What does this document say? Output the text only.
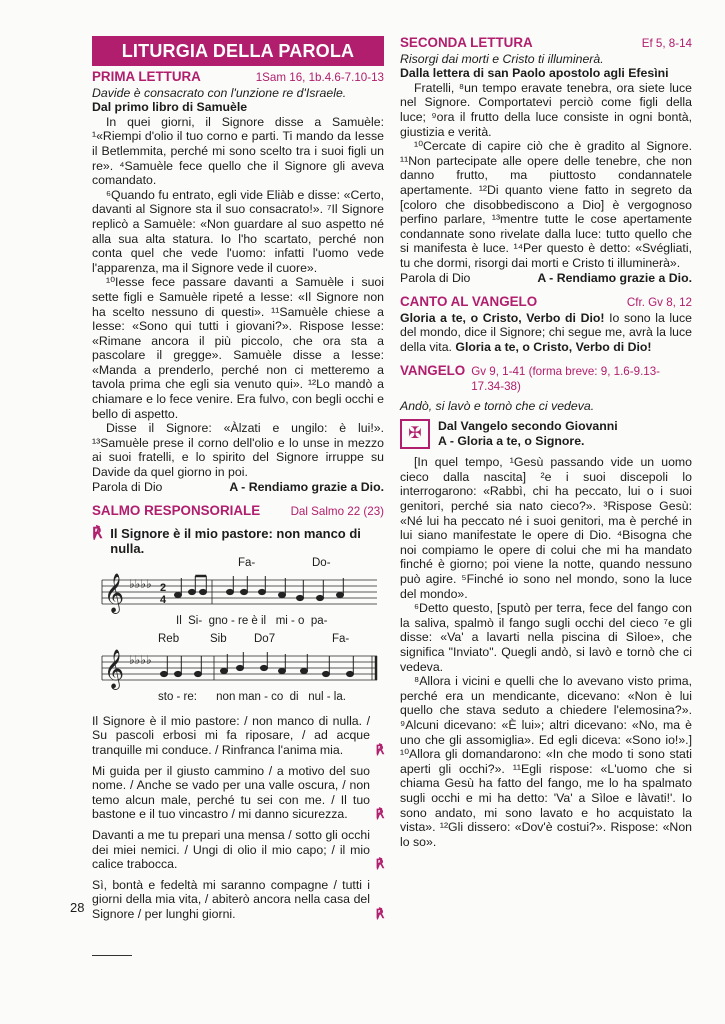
LITURGIA DELLA PAROLA
PRIMA LETTURA	1Sam 16, 1b.4.6-7.10-13
Davide è consacrato con l'unzione re d'Israele.
Dal primo libro di Samuèle

In quei giorni, il Signore disse a Samuèle: ¹«Riempi d'olio il tuo corno e parti. Ti mando da Iesse il Betlemmita, perché mi sono scelto tra i suoi figli un re». ⁴Samuèle fece quello che il Signore gli aveva comandato.

⁶Quando fu entrato, egli vide Eliàb e disse: «Certo, davanti al Signore sta il suo consacrato!». ⁷Il Signore replicò a Samuèle: «Non guardare al suo aspetto né alla sua alta statura. Io l'ho scartato, perché non conta quel che vede l'uomo: infatti l'uomo vede l'apparenza, ma il Signore vede il cuore».

¹⁰Iesse fece passare davanti a Samuèle i suoi sette figli e Samuèle ripeté a Iesse: «Il Signore non ha scelto nessuno di questi». ¹¹Samuèle chiese a Iesse: «Sono qui tutti i giovani?». Rispose Iesse: «Rimane ancora il più piccolo, che ora sta a pascolare il gregge». Samuèle disse a Iesse: «Manda a prenderlo, perché non ci metteremo a tavola prima che egli sia venuto qui». ¹²Lo mandò a chiamare e lo fece venire. Era fulvo, con begli occhi e bello di aspetto.

Disse il Signore: «Àlzati e ungilo: è lui!». ¹³Samuèle prese il corno dell'olio e lo unse in mezzo ai suoi fratelli, e lo spirito del Signore irruppe su Davide da quel giorno in poi.

Parola di Dio	A - Rendiamo grazie a Dio.
SALMO RESPONSORIALE	Dal Salmo 22 (23)
℟ Il Signore è il mio pastore: non manco di nulla.
𝄞 ♭♭♭♭ 2
4
Fa-	Do-
Il  Si-  gno - re è il   mi - o  pa-
𝄞 ♭♭♭♭
Reb	Sib Do7	Fa-
sto - re:      non man - co  di   nul - la.
Il Signore è il mio pastore: / non manco di nulla. / Su pascoli erbosi mi fa riposare, / ad acque tranquille mi conduce. / Rinfranca l'anima mia.	℟
Mi guida per il giusto cammino / a motivo del suo nome. / Anche se vado per una valle oscura, / non temo alcun male, perché tu sei con me. / Il tuo bastone e il tuo vincastro / mi danno sicurezza. ℟
Davanti a me tu prepari una mensa / sotto gli occhi dei miei nemici. / Ungi di olio il mio capo; / il mio calice trabocca.	℟
Sì, bontà e fedeltà mi saranno compagne / tutti i giorni della mia vita, / abiterò ancora nella casa del Signore / per lunghi giorni.	℟
SECONDA LETTURA	Ef 5, 8-14
Risorgi dai morti e Cristo ti illuminerà.
Dalla lettera di san Paolo apostolo agli Efesìni

Fratelli, ⁸un tempo eravate tenebra, ora siete luce nel Signore. Comportatevi perciò come figli della luce; ⁹ora il frutto della luce consiste in ogni bontà, giustizia e verità.

¹⁰Cercate di capire ciò che è gradito al Signore. ¹¹Non partecipate alle opere delle tenebre, che non danno frutto, ma piuttosto condannatele apertamente. ¹²Di quanto viene fatto in segreto da [coloro che disobbediscono a Dio] è vergognoso perfino parlare, ¹³mentre tutte le cose apertamente condannate sono rivelate dalla luce: tutto quello che si manifesta è luce. ¹⁴Per questo è detto: «Svégliati, tu che dormi, risorgi dai morti e Cristo ti illuminerà».

Parola di Dio	A - Rendiamo grazie a Dio.
CANTO AL VANGELO	Cfr. Gv 8, 12

Gloria a te, o Cristo, Verbo di Dio! Io sono la luce del mondo, dice il Signore; chi segue me, avrà la luce della vita. Gloria a te, o Cristo, Verbo di Dio!

VANGELO Gv 9, 1-41 (forma breve: 9, 1.6-9.13-17.34-38)
Andò, si lavò e tornò che ci vedeva.
✠	Dal Vangelo secondo Giovanni
A - Gloria a te, o Signore.

[In quel tempo, ¹Gesù passando vide un uomo cieco dalla nascita] ²e i suoi discepoli lo interrogarono: «Rabbì, chi ha peccato, lui o i suoi genitori, perché sia nato cieco?». ³Rispose Gesù: «Né lui ha peccato né i suoi genitori, ma è perché in lui siano manifestate le opere di Dio. ⁴Bisogna che noi compiamo le opere di colui che mi ha mandato finché è giorno; poi viene la notte, quando nessuno può agire. ⁵Finché io sono nel mondo, sono la luce del mondo».

⁶Detto questo, [sputò per terra, fece del fango con la saliva, spalmò il fango sugli occhi del cieco ⁷e gli disse: «Va' a lavarti nella piscina di Sìloe», che significa "Inviato". Quegli andò, si lavò e tornò che ci vedeva.

⁸Allora i vicini e quelli che lo avevano visto prima, perché era un mendicante, dicevano: «Non è lui quello che stava seduto a chiedere l'elemosina?». ⁹Alcuni dicevano: «È lui»; altri dicevano: «No, ma è uno che gli assomiglia». Ed egli diceva: «Sono io!».] ¹⁰Allora gli domandarono: «In che modo ti sono stati aperti gli occhi?». ¹¹Egli rispose: «L'uomo che si chiama Gesù ha fatto del fango, me lo ha spalmato sugli occhi e mi ha detto: 'Va' a Sìloe e làvati!'. Io sono andato, mi sono lavato e ho acquistato la vista». ¹²Gli dissero: «Dov'è costui?». Rispose: «Non lo so».

28
